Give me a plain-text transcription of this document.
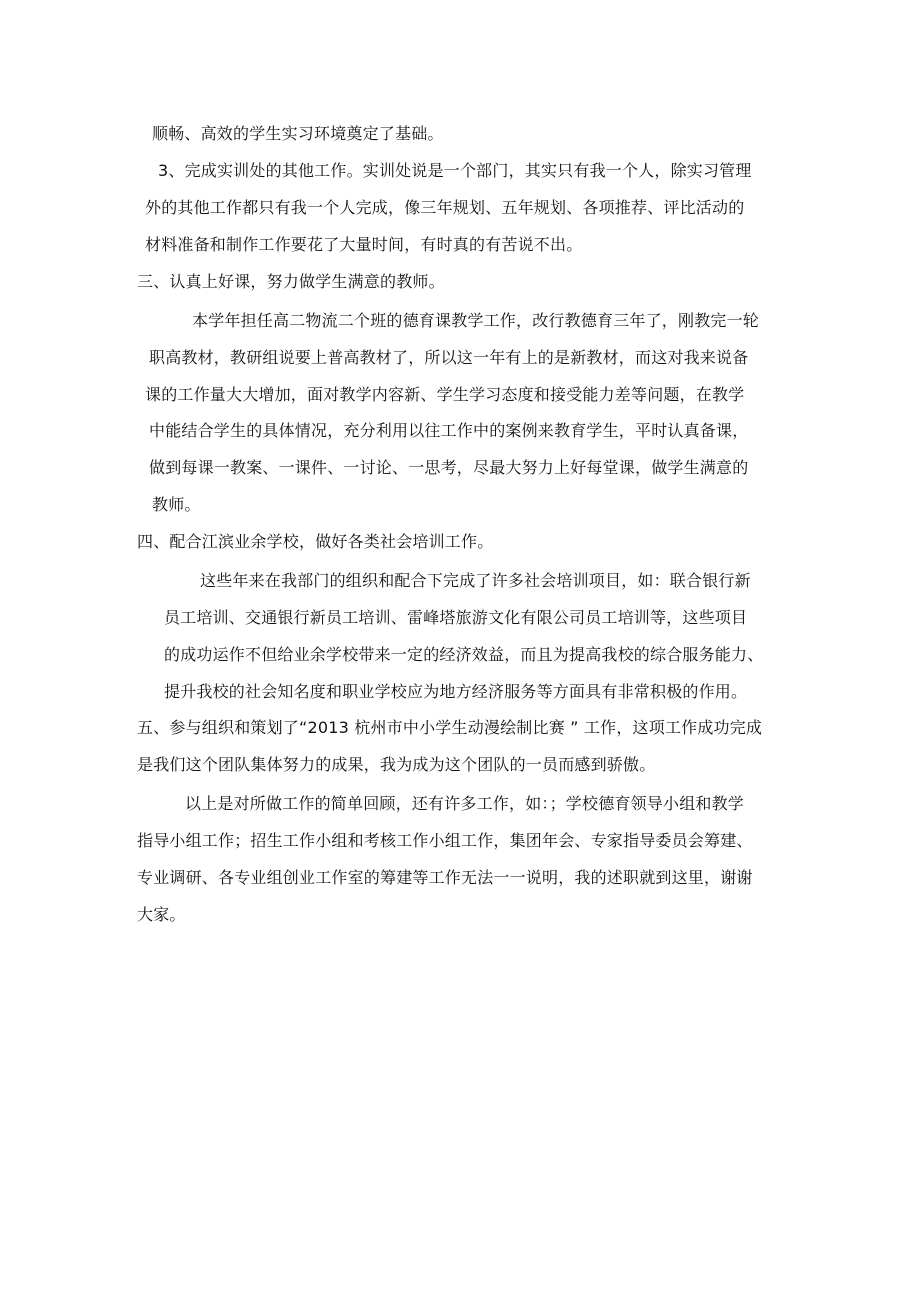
顺畅、高效的学生实习环境奠定了基础。
3、完成实训处的其他工作。实训处说是一个部门，其实只有我一个人，除实习管理
外的其他工作都只有我一个人完成，像三年规划、五年规划、各项推荐、评比活动的
材料准备和制作工作要花了大量时间，有时真的有苦说不出。
三、认真上好课，努力做学生满意的教师。
本学年担任高二物流二个班的德育课教学工作，改行教德育三年了，刚教完一轮
职高教材，教研组说要上普高教材了，所以这一年有上的是新教材，而这对我来说备
课的工作量大大增加，面对教学内容新、学生学习态度和接受能力差等问题，在教学
中能结合学生的具体情况，充分利用以往工作中的案例来教育学生，平时认真备课，
做到每课一教案、一课件、一讨论、一思考，尽最大努力上好每堂课，做学生满意的
教师。
四、配合江滨业余学校，做好各类社会培训工作。
这些年来在我部门的组织和配合下完成了许多社会培训项目，如：联合银行新
员工培训、交通银行新员工培训、雷峰塔旅游文化有限公司员工培训等，这些项目
的成功运作不但给业余学校带来一定的经济效益，而且为提高我校的综合服务能力、
提升我校的社会知名度和职业学校应为地方经济服务等方面具有非常积极的作用。
五、参与组织和策划了“2013 杭州市中小学生动漫绘制比赛 ” 工作，这项工作成功完成
是我们这个团队集体努力的成果，我为成为这个团队的一员而感到骄傲。
以上是对所做工作的简单回顾，还有许多工作，如：；学校德育领导小组和教学
指导小组工作；招生工作小组和考核工作小组工作，集团年会、专家指导委员会筹建、
专业调研、各专业组创业工作室的筹建等工作无法一一说明，我的述职就到这里，谢谢
大家。
